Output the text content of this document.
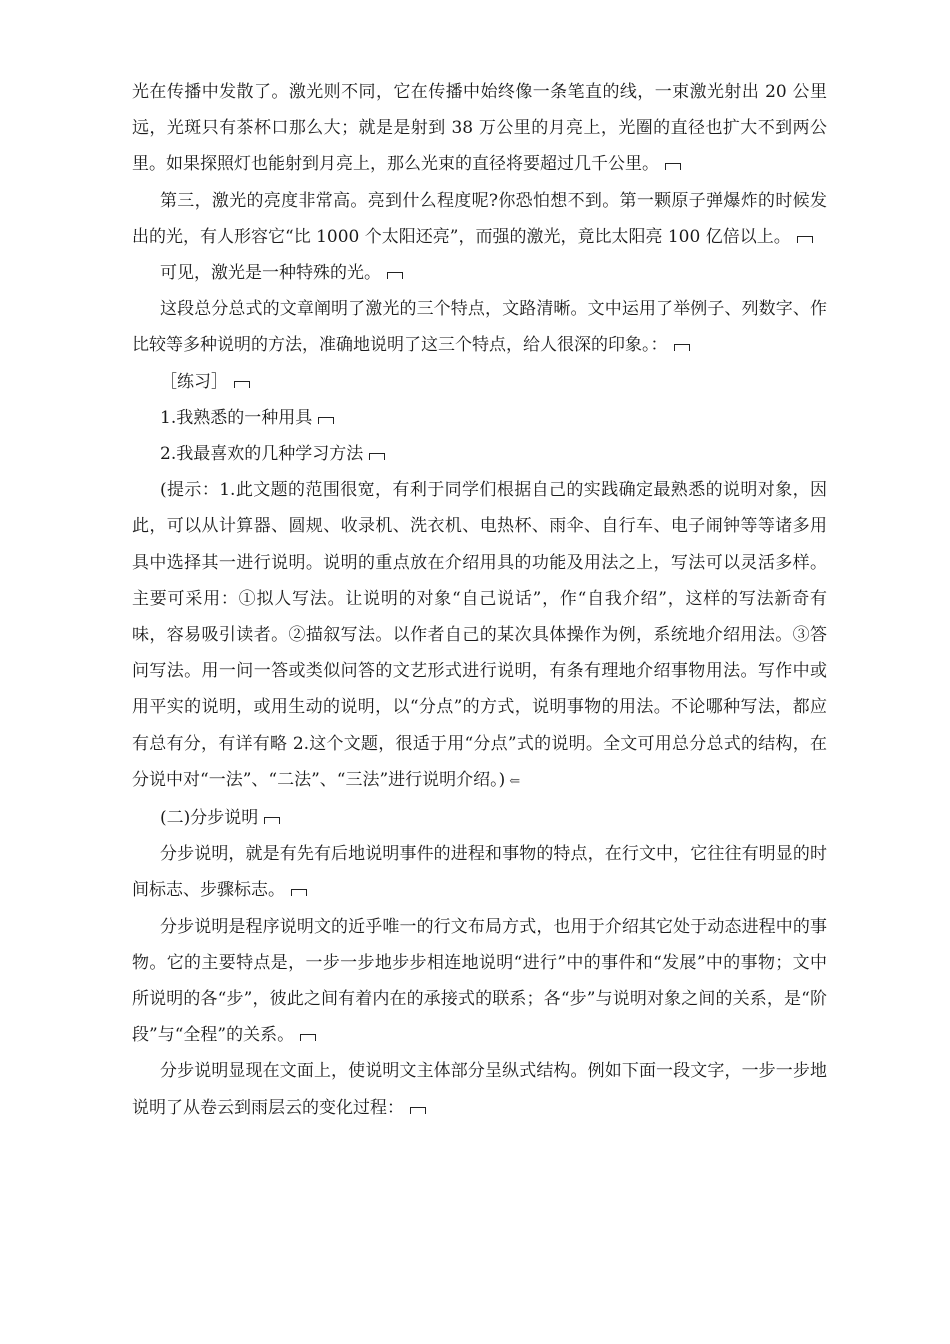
光在传播中发散了。激光则不同，它在传播中始终像一条笔直的线，一束激光射出 20 公里远，光斑只有茶杯口那么大；就是是射到 38 万公里的月亮上，光圈的直径也扩大不到两公里。如果探照灯也能射到月亮上，那么光束的直径将要超过几千公里。

第三，激光的亮度非常高。亮到什么程度呢?你恐怕想不到。第一颗原子弹爆炸的时候发出的光，有人形容它“比 1000 个太阳还亮”，而强的激光，竟比太阳亮 100 亿倍以上。

可见，激光是一种特殊的光。

这段总分总式的文章阐明了激光的三个特点，文路清晰。文中运用了举例子、列数字、作比较等多种说明的方法，准确地说明了这三个特点，给人很深的印象。：

［练习］

1.我熟悉的一种用具

2.我最喜欢的几种学习方法

(提示：1.此文题的范围很宽，有利于同学们根据自己的实践确定最熟悉的说明对象，因此，可以从计算器、圆规、收录机、洗衣机、电热杯、雨伞、自行车、电子闹钟等等诸多用具中选择其一进行说明。说明的重点放在介绍用具的功能及用法之上，写法可以灵活多样。主要可采用：①拟人写法。让说明的对象“自己说话”，作“自我介绍”，这样的写法新奇有味，容易吸引读者。②描叙写法。以作者自己的某次具体操作为例，系统地介绍用法。③答问写法。用一问一答或类似问答的文艺形式进行说明，有条有理地介绍事物用法。写作中或用平实的说明，或用生动的说明，以“分点”的方式，说明事物的用法。不论哪种写法，都应有总有分，有详有略 2.这个文题，很适于用“分点”式的说明。全文可用总分总式的结构，在分说中对“一法”、“二法”、“三法”进行说明介绍。) ⇐

(二)分步说明

分步说明，就是有先有后地说明事件的进程和事物的特点，在行文中，它往往有明显的时间标志、步骤标志。

分步说明是程序说明文的近乎唯一的行文布局方式，也用于介绍其它处于动态进程中的事物。它的主要特点是，一步一步地步步相连地说明“进行”中的事件和“发展”中的事物；文中所说明的各“步”，彼此之间有着内在的承接式的联系；各“步”与说明对象之间的关系，是“阶段”与“全程”的关系。

分步说明显现在文面上，使说明文主体部分呈纵式结构。例如下面一段文字，一步一步地说明了从卷云到雨层云的变化过程：
